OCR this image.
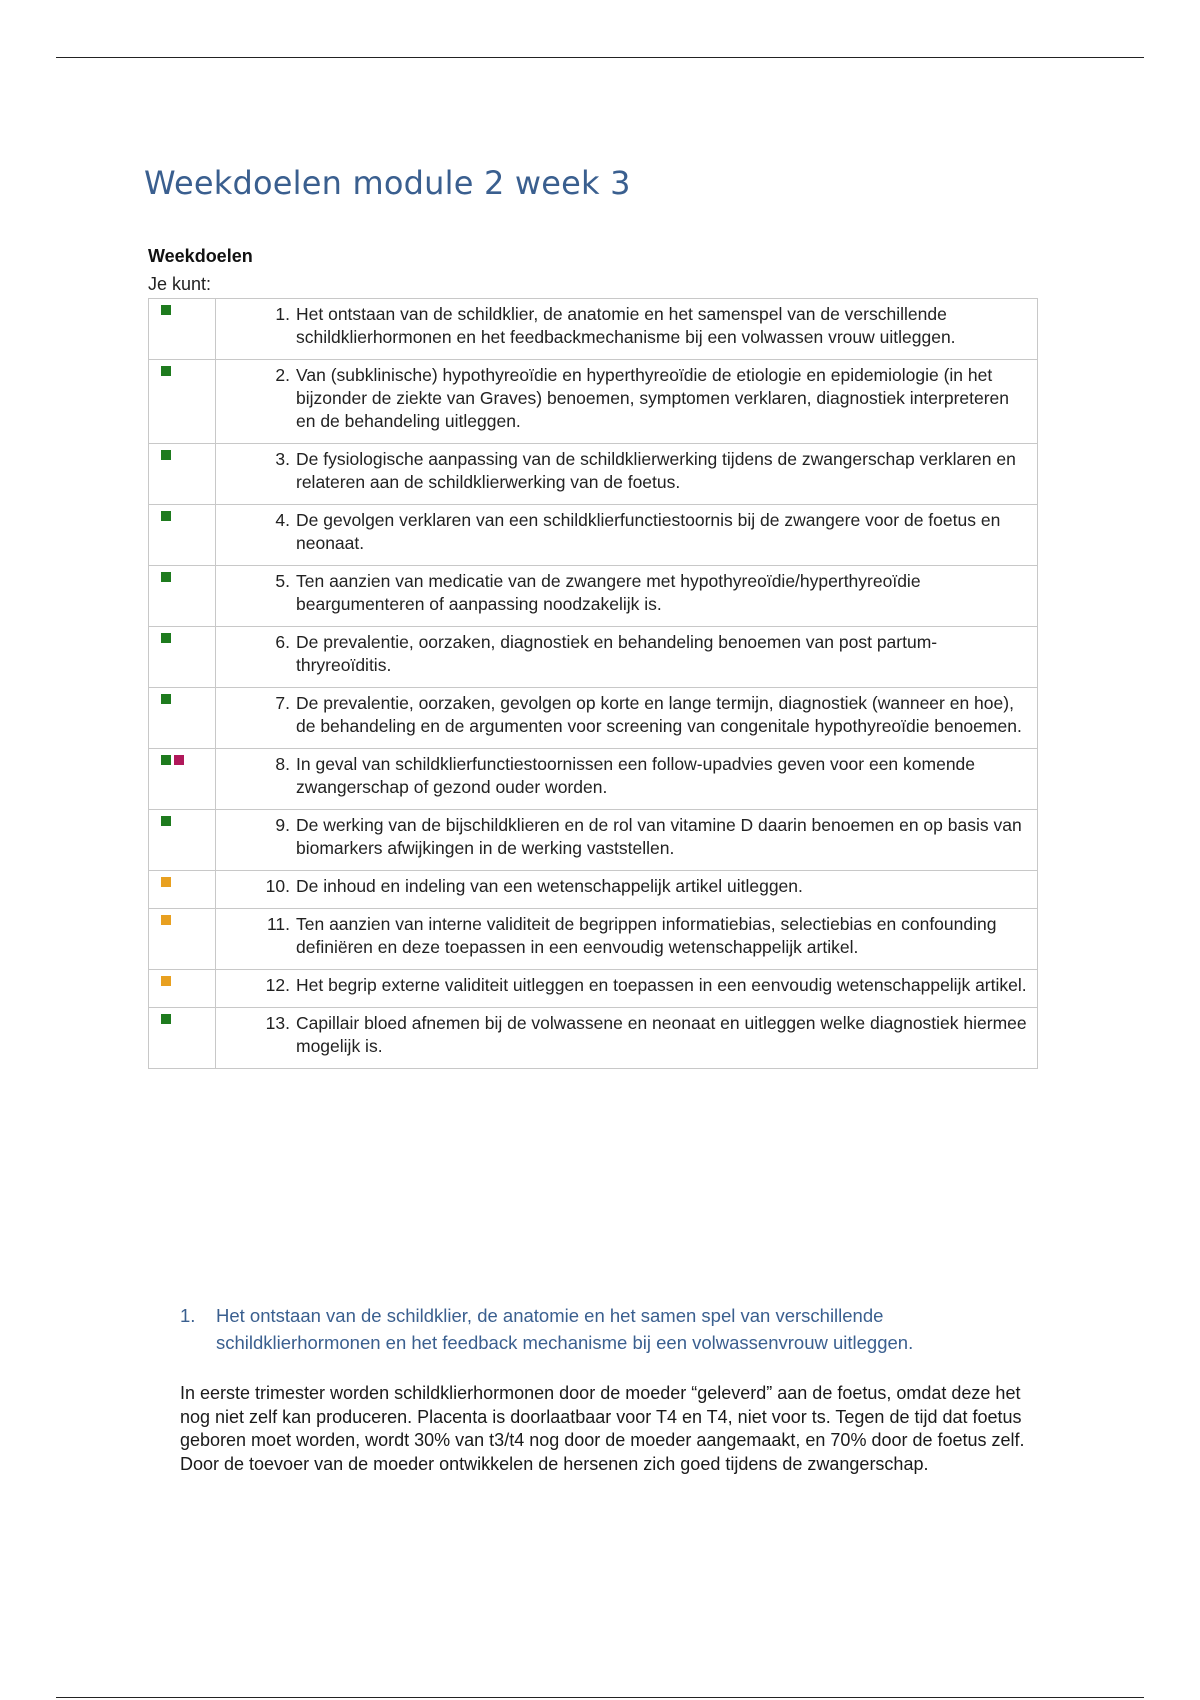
Weekdoelen module 2 week 3
Weekdoelen
Je kunt:

	1. Het ontstaan van de schildklier, de anatomie en het samenspel van de verschillende schildklierhormonen en het feedbackmechanisme bij een volwassen vrouw uitleggen.

	2. Van (subklinische) hypothyreoïdie en hyperthyreoïdie de etiologie en epidemiologie (in het bijzonder de ziekte van Graves) benoemen, symptomen verklaren, diagnostiek interpreteren en de behandeling uitleggen.

	3. De fysiologische aanpassing van de schildklierwerking tijdens de zwangerschap verklaren en relateren aan de schildklierwerking van de foetus.

	4. De gevolgen verklaren van een schildklierfunctiestoornis bij de zwangere voor de foetus en neonaat.

	5. Ten aanzien van medicatie van de zwangere met hypothyreoïdie/hyperthyreoïdie beargumenteren of aanpassing noodzakelijk is.

	6. De prevalentie, oorzaken, diagnostiek en behandeling benoemen van post partum-thryreoïditis.

	7. De prevalentie, oorzaken, gevolgen op korte en lange termijn, diagnostiek (wanneer en hoe), de behandeling en de argumenten voor screening van congenitale hypothyreoïdie benoemen.

	8. In geval van schildklierfunctiestoornissen een follow-upadvies geven voor een komende zwangerschap of gezond ouder worden.

	9. De werking van de bijschildklieren en de rol van vitamine D daarin benoemen en op basis van biomarkers afwijkingen in de werking vaststellen.

	10. De inhoud en indeling van een wetenschappelijk artikel uitleggen.

	11. Ten aanzien van interne validiteit de begrippen informatiebias, selectiebias en confounding definiëren en deze toepassen in een eenvoudig wetenschappelijk artikel.

	12. Het begrip externe validiteit uitleggen en toepassen in een eenvoudig wetenschappelijk artikel.

	13. Capillair bloed afnemen bij de volwassene en neonaat en uitleggen welke diagnostiek hiermee mogelijk is.
1.	Het ontstaan van de schildklier, de anatomie en het samen spel van verschillende schildklierhormonen en het feedback mechanisme bij een volwassenvrouw uitleggen.

In eerste trimester worden schildklierhormonen door de moeder “geleverd” aan de foetus, omdat deze het nog niet zelf kan produceren. Placenta is doorlaatbaar voor T4 en T4, niet voor ts. Tegen de tijd dat foetus geboren moet worden, wordt 30% van t3/t4 nog door de moeder aangemaakt, en 70% door de foetus zelf. Door de toevoer van de moeder ontwikkelen de hersenen zich goed tijdens de zwangerschap.
